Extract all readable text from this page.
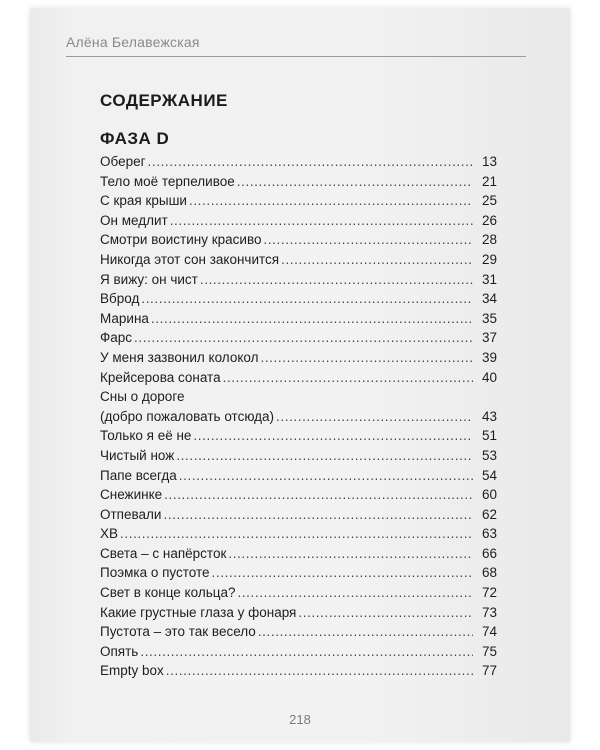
Алёна Белавежская
СОДЕРЖАНИЕ
ФАЗА D
Оберег .....	13
Тело моё терпеливое .....	21
С края крыши .....	25
Он медлит .....	26
Смотри воистину красиво .....	28
Никогда этот сон закончится .....	29
Я вижу: он чист .....	31
Вброд .....	34
Марина .....	35
Фарс .....	37
У меня зазвонил колокол .....	39
Крейсерова соната .....	40
Сны о дороге
(добро пожаловать отсюда) .....	43
Только я её не .....	51
Чистый нож .....	53
Папе всегда .....	54
Снежинке .....	60
Отпевали .....	62
ХВ .....	63
Света – с напёрсток .....	66
Поэмка о пустоте .....	68
Свет в конце кольца? .....	72
Какие грустные глаза у фонаря .....	73
Пустота – это так весело .....	74
Опять .....	75
Empty box .....	77
218
